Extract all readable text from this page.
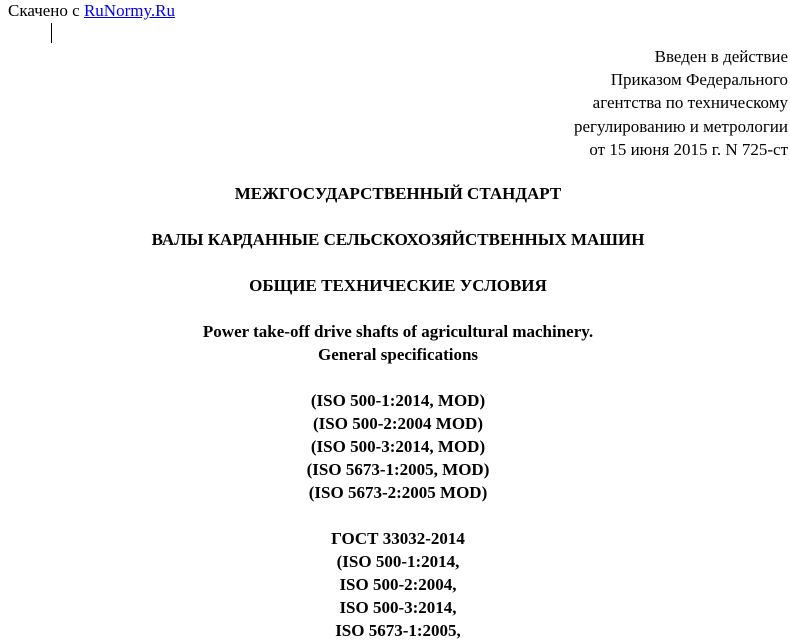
Скачено с RuNormy.Ru
Введен в действие
Приказом Федерального
агентства по техническому
регулированию и метрологии
от 15 июня 2015 г. N 725-ст
МЕЖГОСУДАРСТВЕННЫЙ СТАНДАРТ
ВАЛЫ КАРДАННЫЕ СЕЛЬСКОХОЗЯЙСТВЕННЫХ МАШИН
ОБЩИЕ ТЕХНИЧЕСКИЕ УСЛОВИЯ
Power take-off drive shafts of agricultural machinery.
General specifications
(ISO 500-1:2014, MOD)
(ISO 500-2:2004 MOD)
(ISO 500-3:2014, MOD)
(ISO 5673-1:2005, MOD)
(ISO 5673-2:2005 MOD)
ГОСТ 33032-2014
(ISO 500-1:2014,
ISO 500-2:2004,
ISO 500-3:2014,
ISO 5673-1:2005,
